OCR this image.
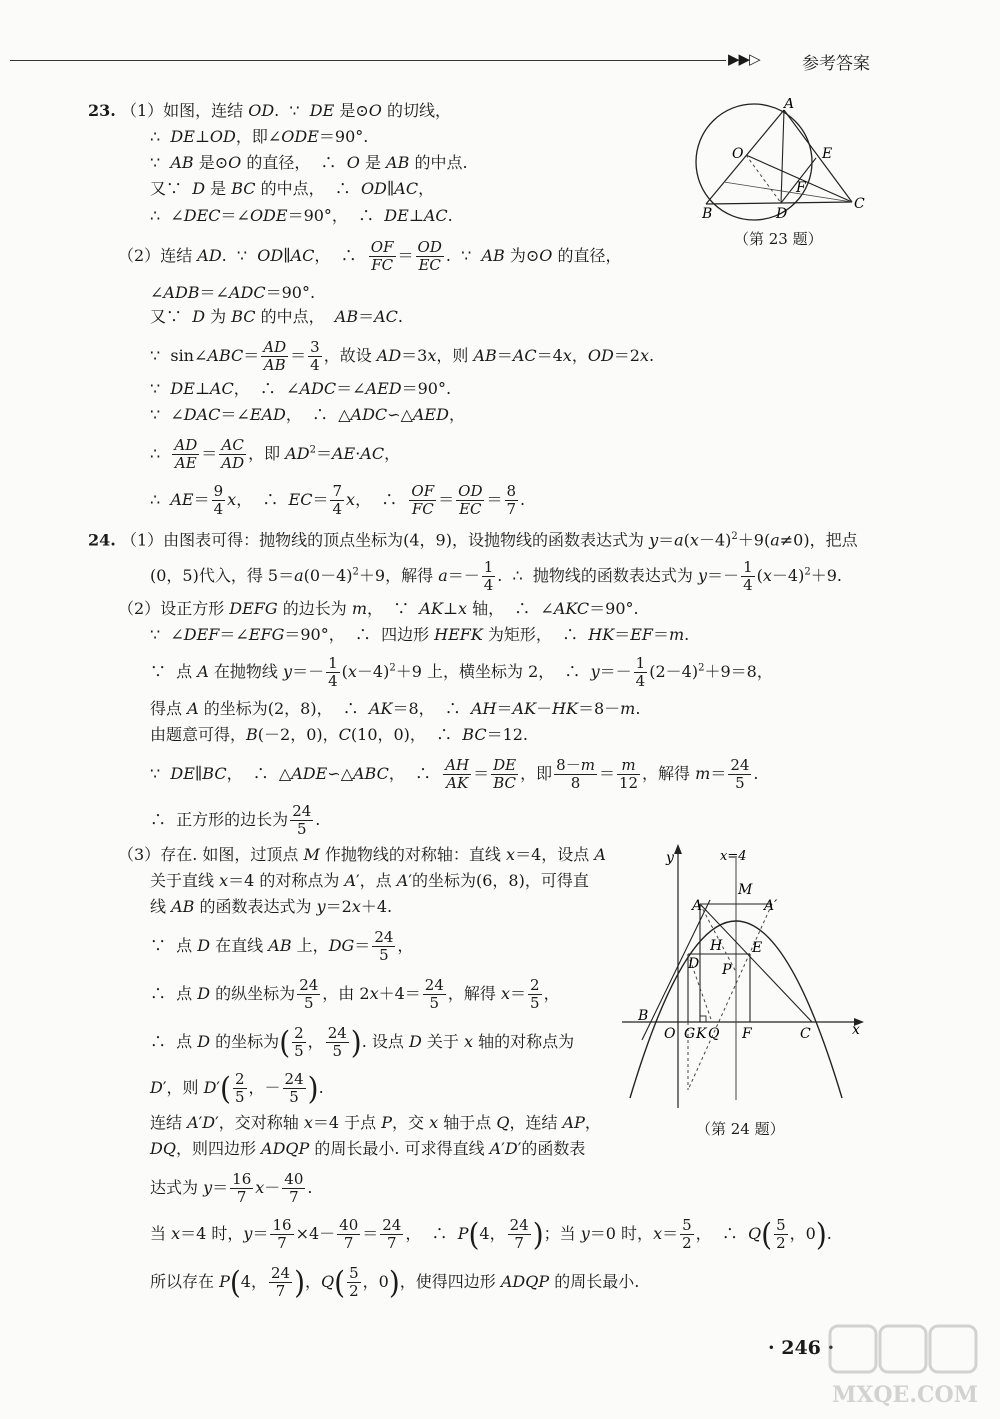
▶▶▷ 参考答案
23. （1）如图，连结 OD.  ∵  DE 是⊙O 的切线，
∴  DE⊥OD，即∠ODE＝90°.
∵  AB 是⊙O 的直径，  ∴  O 是 AB 的中点.
又∵  D 是 BC 的中点，  ∴  OD∥AC，
∴  ∠DEC＝∠ODE＝90°，  ∴  DE⊥AC.
（2）连结 AD.  ∵  OD∥AC，  ∴ $\frac{OF}{FC} = \frac{OD}{EC}$ .  ∵  AB 为⊙O 的直径，
∠ADB＝∠ADC＝90°.
又∵  D 为 BC 的中点，  AB＝AC.
∵  sin∠ABC＝ $\frac{AD}{AB} = \frac{3}{4}$ ，故设 AD＝3x，则 AB＝AC＝4x，OD＝2x.
∵  DE⊥AC，  ∴  ∠ADC＝∠AED＝90°.
∵  ∠DAC＝∠EAD，  ∴  △ADC∽△AED，
∴ $\frac{AD}{AE} = \frac{AC}{AD}$ ，即 $AD^2=AE\cdot AC$，
∴  $AE= \frac{9}{4}$ x，  ∴  $EC= \frac{7}{4}$ x，  ∴ $\frac{OF}{FC} = \frac{OD}{EC} = \frac{8}{7}$ .
A
O	E
F
B	D
C
（第 23 题）
24. （1）由图表可得：抛物线的顶点坐标为(4，9)，设抛物线的函数表达式为 $y=a(x-4)^2+9(a\ne 0)$，把点
(0，5)代入，得 $5=a(0-4)^2+9$，解得 $a=- \frac{1}{4}$ .  ∴  抛物线的函数表达式为 $y=- \frac{1}{4} (x-4)^2+9$.
（2）设正方形 DEFG 的边长为 m，  ∵  AK⊥x 轴，  ∴  ∠AKC＝90°.
∵  ∠DEF＝∠EFG＝90°，  ∴  四边形 HEFK 为矩形，  ∴  HK＝EF＝m.
∵  点 A 在抛物线 $y=- \frac{1}{4} (x-4)^2+9$ 上，横坐标为 2，  ∴  $y=- \frac{1}{4} (2-4)^2+9=8$，
得点 A 的坐标为(2，8)，  ∴  AK＝8，  ∴  AH＝AK－HK＝8－m.
由题意可得，B(－2，0)，C(10，0)，  ∴  BC＝12.
∵  DE∥BC，  ∴  △ADE∽△ABC，  ∴ $\frac{AH}{AK} = \frac{DE}{BC}$ ，即 $\frac{8-m}{8} = \frac{m}{12}$ ，解得 $m= \frac{24}{5}$ .
∴  正方形的边长为 $\frac{24}{5}$ .
（3）存在. 如图，过顶点 M 作抛物线的对称轴：直线 x＝4，设点 A
关于直线 x＝4 的对称点为 A′，点 A′的坐标为(6，8)，可得直
线 AB 的函数表达式为 y＝2x＋4.
∵  点 D 在直线 AB 上，$DG= \frac{24}{5}$ ，
∴  点 D 的纵坐标为 $\frac{24}{5}$ ，由 $2x+4= \frac{24}{5}$ ，解得 $x= \frac{2}{5}$ ，
∴  点 D 的坐标为( $\frac{2}{5}$ ， $\frac{24}{5}$ ). 设点 D 关于 x 轴的对称点为
D′，则 $D'( \frac{2}{5}$ ，－ $\frac{24}{5}$ ).
连结 A′D′，交对称轴 x＝4 于点 P，交 x 轴于点 Q，连结 AP，
DQ，则四边形 ADQP 的周长最小. 可求得直线 A′D′的函数表
达式为 $y= \frac{16}{7} x- \frac{40}{7}$ .
当 x＝4 时，$y= \frac{16}{7} \times 4- \frac{40}{7} = \frac{24}{7}$ ，  ∴  P(4， $\frac{24}{7}$ )；当 y＝0 时，$x= \frac{5}{2}$ ，  ∴  $Q( \frac{5}{2}$ ，0).
所以存在 P(4， $\frac{24}{7}$ )，$Q( \frac{5}{2}$ ，0)，使得四边形 ADQP 的周长最小.
y
x
x=4
M
A	A′
H E
D P
B
O G K Q F	C
（第 24 题）
· 246 ·
MXQE.COM
